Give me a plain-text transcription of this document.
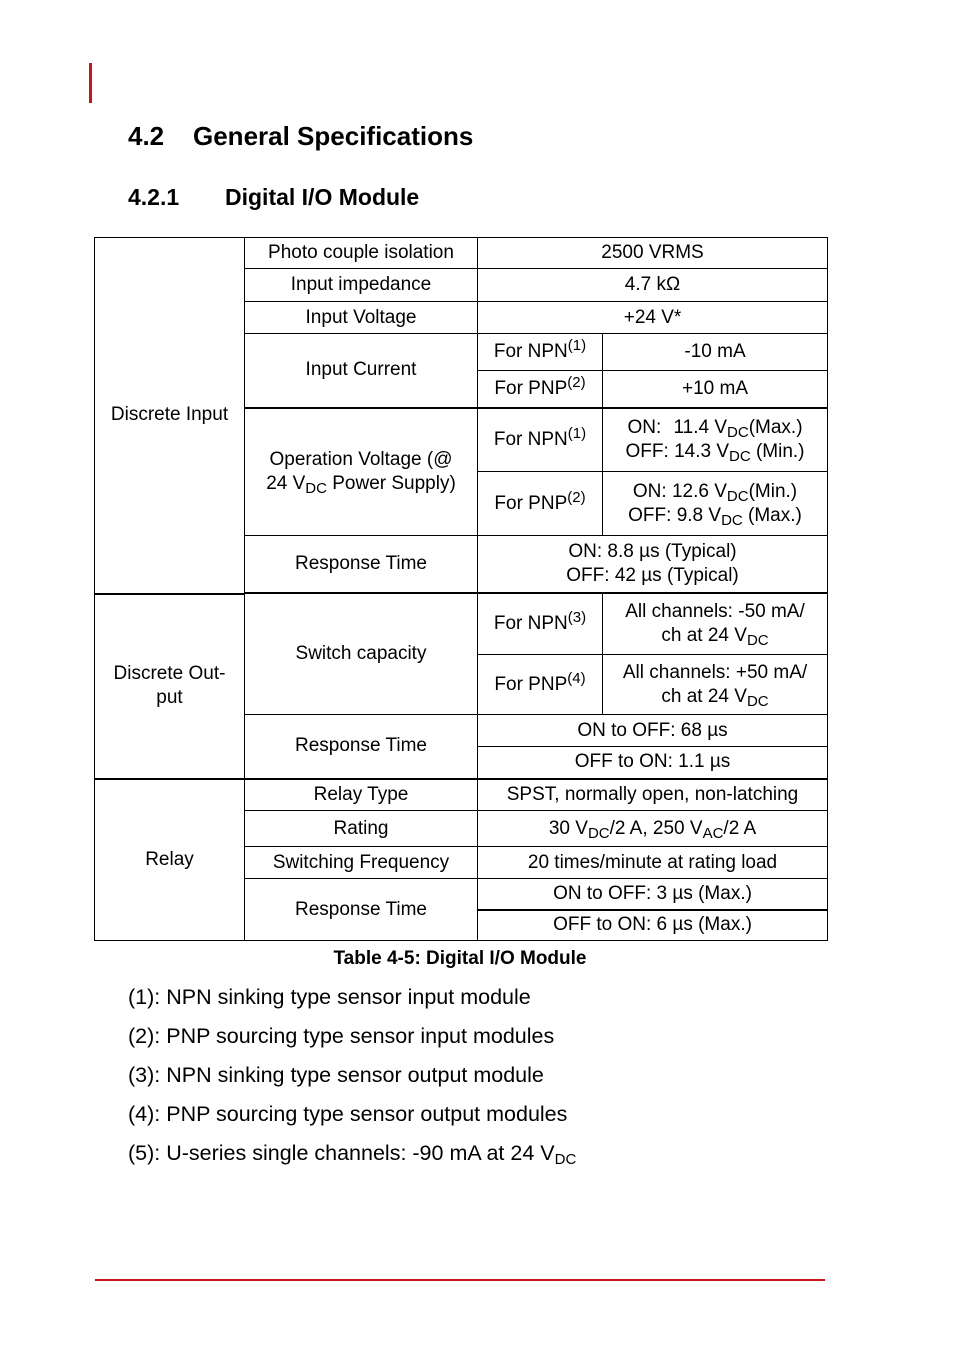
4.2 General Specifications
4.2.1 Digital I/O Module
Discrete Input	Photo couple isolation	2500 VRMS	
	Input impedance	4.7 kΩ	
	Input Voltage	+24 V*	
	Input Current	For NPN$^{(1)}$	-10 mA
		For $PNP^{(2)}$	+10 mA
	Operation Voltage (@
24 $V_{DC}$ Power Supply)	For NPN$^{(1)}$	ON: 11.4 $V_{DC}(Max.)$
OFF: 14.3 $V_{DC}$ (Min.)
		For PNP$^{(2)}$	ON: 12.6 $V_{DC}(Min.)$
OFF: 9.8 $V_{DC}$ (Max.)
	Response Time	ON: 8.8 µs (Typical)
OFF: 42 µs (Typical)	

Discrete Out-
put	Switch capacity	For NPN$^{(3)}$	All channels: -50 mA/
ch at 24 $V_{DC}$
		For PNP$^{(4)}$	All channels: +50 mA/
ch at 24 $V_{DC}$
	Response Time	ON to OFF: 68 µs	
		OFF to ON: 1.1 µs	
Relay	Relay Type	SPST, normally open, non-latching	
	Rating	30 $V_{DC}/2$ A, 250 $V_{AC}/2$ A	
	Switching Frequency	20 times/minute at rating load	
	Response Time	ON to OFF: 3 µs (Max.)	
		OFF to ON: 6 µs (Max.)	
Table 4-5: Digital I/O Module
(1): NPN sinking type sensor input module
(2): PNP sourcing type sensor input modules
(3): NPN sinking type sensor output module
(4): PNP sourcing type sensor output modules
(5): U-series single channels: -90 mA at 24 $V_{DC}$
